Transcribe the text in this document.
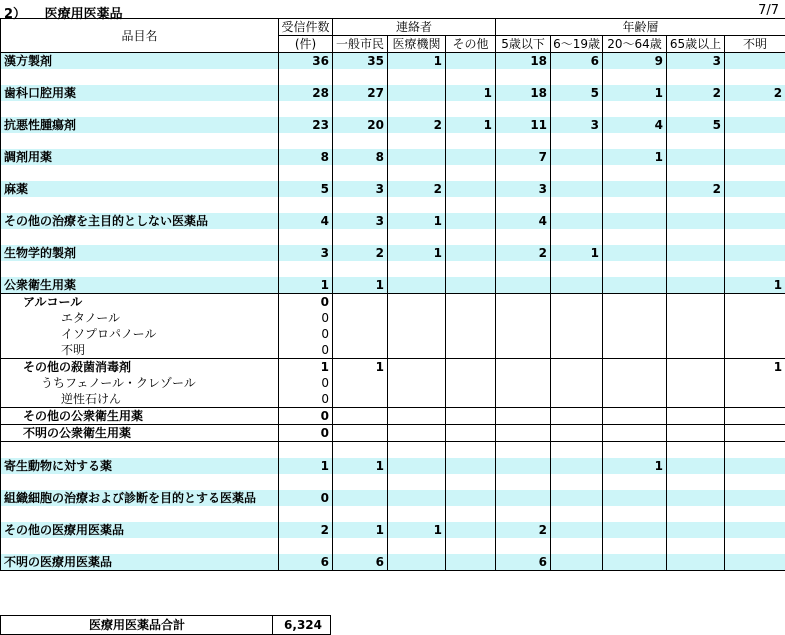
2） 医療用医薬品	7/7
品目名	受信件数	連絡者			年齢層				
	(件)	一般市民	医療機関	その他	5歳以下	6～19歳	20～64歳	65歳以上	不明
漢方製剤	36	35	1		18	6	9	3	

歯科口腔用薬	28	27		1	18	5	1	2	2

抗悪性腫瘍剤	23	20	2	1	11	3	4	5	

調剤用薬	8	8			7		1		

麻薬	5	3	2		3			2	

その他の治療を主目的としない医薬品	4	3	1		4				

生物学的製剤	3	2	1		2	1			

公衆衛生用薬	1	1							1
アルコール	0								
エタノール	0								
イソプロパノール	0								
不明	0								
その他の殺菌消毒剤	1	1							1
うちフェノール・クレゾール	0								
逆性石けん	0								
その他の公衆衛生用薬	0								
不明の公衆衛生用薬	0								

寄生動物に対する薬	1	1					1		

組織細胞の治療および診断を目的とする医薬品	0								

その他の医療用医薬品	2	1	1		2				

不明の医療用医薬品	6	6			6				
医療用医薬品合計	6,324
